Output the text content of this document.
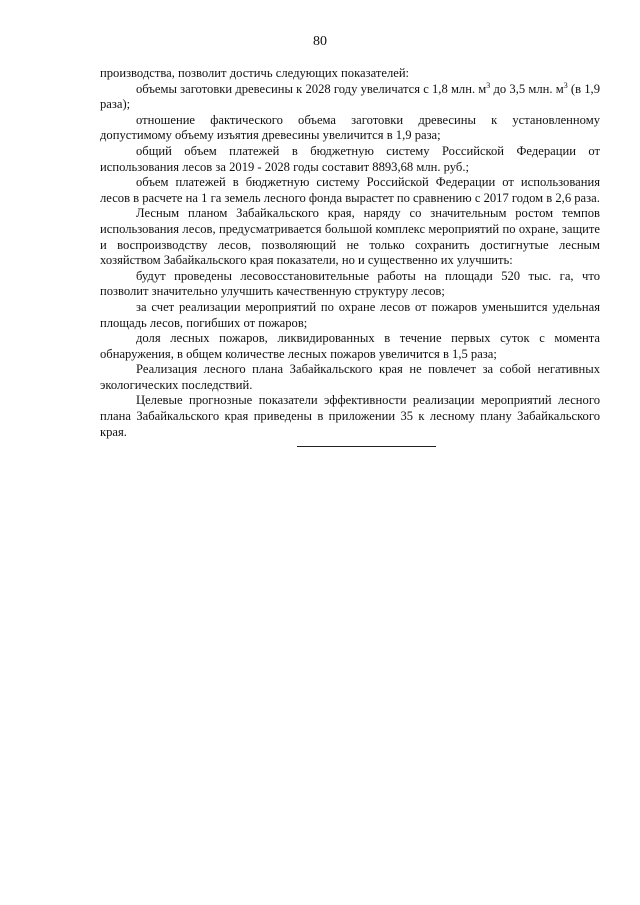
80

производства, позволит достичь следующих показателей:

объемы заготовки древесины к 2028 году увеличатся с 1,8 млн. $м^3$ до 3,5 млн. $м^3$ (в 1,9 раза);

отношение фактического объема заготовки древесины к установленному допустимому объему изъятия древесины увеличится в 1,9 раза;

общий объем платежей в бюджетную систему Российской Федерации от использования лесов за 2019 - 2028 годы составит 8893,68 млн. руб.;

объем платежей в бюджетную систему Российской Федерации от использования лесов в расчете на 1 га земель лесного фонда вырастет по сравнению с 2017 годом в 2,6 раза.

Лесным планом Забайкальского края, наряду со значительным ростом темпов использования лесов, предусматривается большой комплекс мероприятий по охране, защите и воспроизводству лесов, позволяющий не только сохранить достигнутые лесным хозяйством Забайкальского края показатели, но и существенно их улучшить:

будут проведены лесовосстановительные работы на площади 520 тыс. га, что позволит значительно улучшить качественную структуру лесов;

за счет реализации мероприятий по охране лесов от пожаров уменьшится удельная площадь лесов, погибших от пожаров;

доля лесных пожаров, ликвидированных в течение первых суток с момента обнаружения, в общем количестве лесных пожаров увеличится в 1,5 раза;

Реализация лесного плана Забайкальского края не повлечет за собой негативных экологических последствий.

Целевые прогнозные показатели эффективности реализации мероприятий лесного плана Забайкальского края приведены в приложении 35 к лесному плану Забайкальского края.
